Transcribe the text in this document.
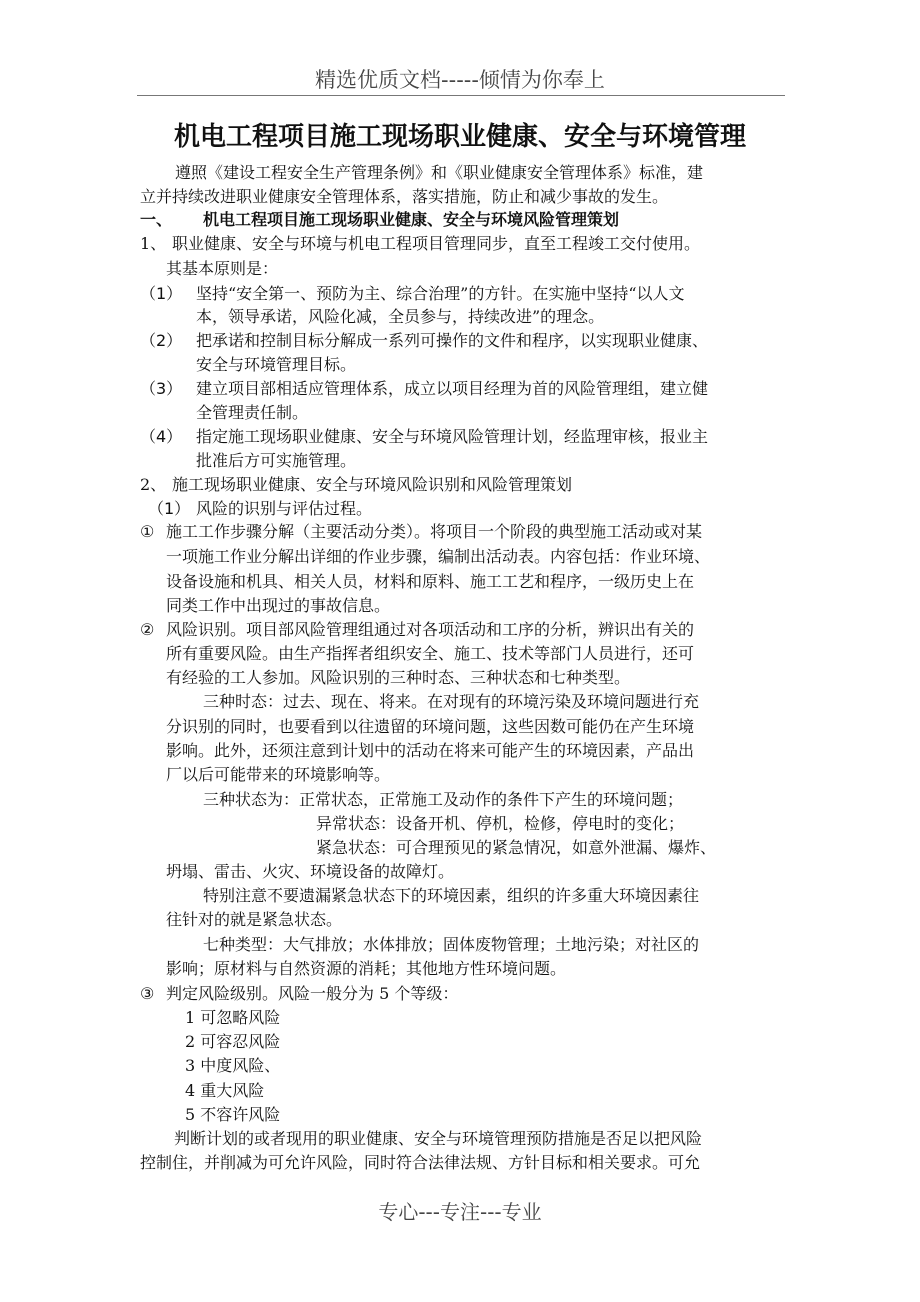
精选优质文档-----倾情为你奉上
机电工程项目施工现场职业健康、安全与环境管理
遵照《建设工程安全生产管理条例》和《职业健康安全管理体系》标准，建
立并持续改进职业健康安全管理体系，落实措施，防止和减少事故的发生。
一、 机电工程项目施工现场职业健康、安全与环境风险管理策划
1、 职业健康、安全与环境与机电工程项目管理同步，直至工程竣工交付使用。
其基本原则是：
（1） 坚持“安全第一、预防为主、综合治理”的方针。在实施中坚持“以人文
本，领导承诺，风险化减，全员参与，持续改进”的理念。
（2） 把承诺和控制目标分解成一系列可操作的文件和程序，以实现职业健康、
安全与环境管理目标。
（3） 建立项目部相适应管理体系，成立以项目经理为首的风险管理组，建立健
全管理责任制。
（4） 指定施工现场职业健康、安全与环境风险管理计划，经监理审核，报业主
批准后方可实施管理。
2、 施工现场职业健康、安全与环境风险识别和风险管理策划
（1） 风险的识别与评估过程。
① 施工工作步骤分解（主要活动分类）。将项目一个阶段的典型施工活动或对某
一项施工作业分解出详细的作业步骤，编制出活动表。内容包括：作业环境、
设备设施和机具、相关人员，材料和原料、施工工艺和程序，一级历史上在
同类工作中出现过的事故信息。
② 风险识别。项目部风险管理组通过对各项活动和工序的分析，辨识出有关的
所有重要风险。由生产指挥者组织安全、施工、技术等部门人员进行，还可
有经验的工人参加。风险识别的三种时态、三种状态和七种类型。
三种时态：过去、现在、将来。在对现有的环境污染及环境问题进行充
分识别的同时，也要看到以往遗留的环境问题，这些因数可能仍在产生环境
影响。此外，还须注意到计划中的活动在将来可能产生的环境因素，产品出
厂以后可能带来的环境影响等。
三种状态为：正常状态，正常施工及动作的条件下产生的环境问题；
异常状态：设备开机、停机，检修，停电时的变化；
紧急状态：可合理预见的紧急情况，如意外泄漏、爆炸、
坍塌、雷击、火灾、环境设备的故障灯。
特别注意不要遗漏紧急状态下的环境因素，组织的许多重大环境因素往
往针对的就是紧急状态。
七种类型：大气排放；水体排放；固体废物管理；土地污染；对社区的
影响；原材料与自然资源的消耗；其他地方性环境问题。
③ 判定风险级别。风险一般分为 5 个等级：
1 可忽略风险
2 可容忍风险
3 中度风险、
4 重大风险
5 不容许风险
判断计划的或者现用的职业健康、安全与环境管理预防措施是否足以把风险
控制住，并削减为可允许风险，同时符合法律法规、方针目标和相关要求。可允
专心---专注---专业
